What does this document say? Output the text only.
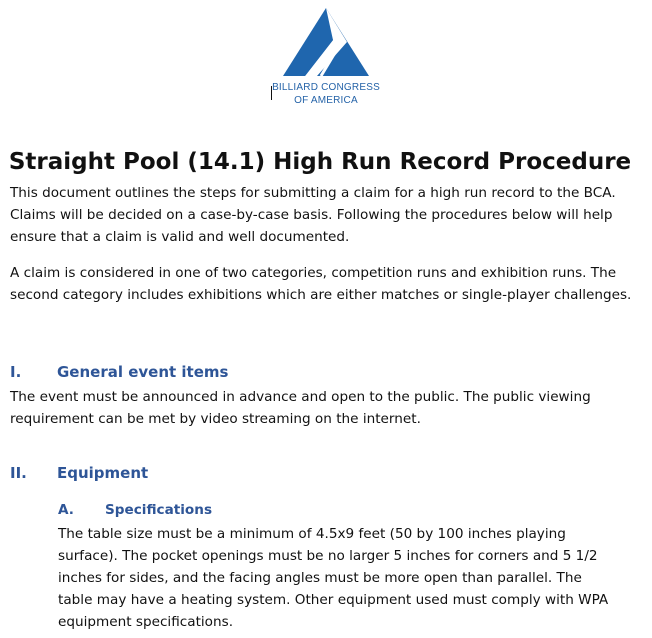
BILLIARD CONGRESS
OF AMERICA
Straight Pool (14.1) High Run Record Procedure

This document outlines the steps for submitting a claim for a high run record to the BCA. Claims will be decided on a case-by-case basis. Following the procedures below will help ensure that a claim is valid and well documented.

A claim is considered in one of two categories, competition runs and exhibition runs. The second category includes exhibitions which are either matches or single-player challenges.

I. General event items

The event must be announced in advance and open to the public. The public viewing requirement can be met by video streaming on the internet.

II. Equipment
A. Specifications

The table size must be a minimum of 4.5x9 feet (50 by 100 inches playing surface). The pocket openings must be no larger 5 inches for corners and 5 1/2 inches for sides, and the facing angles must be more open than parallel. The table may have a heating system. Other equipment used must comply with WPA equipment specifications.
